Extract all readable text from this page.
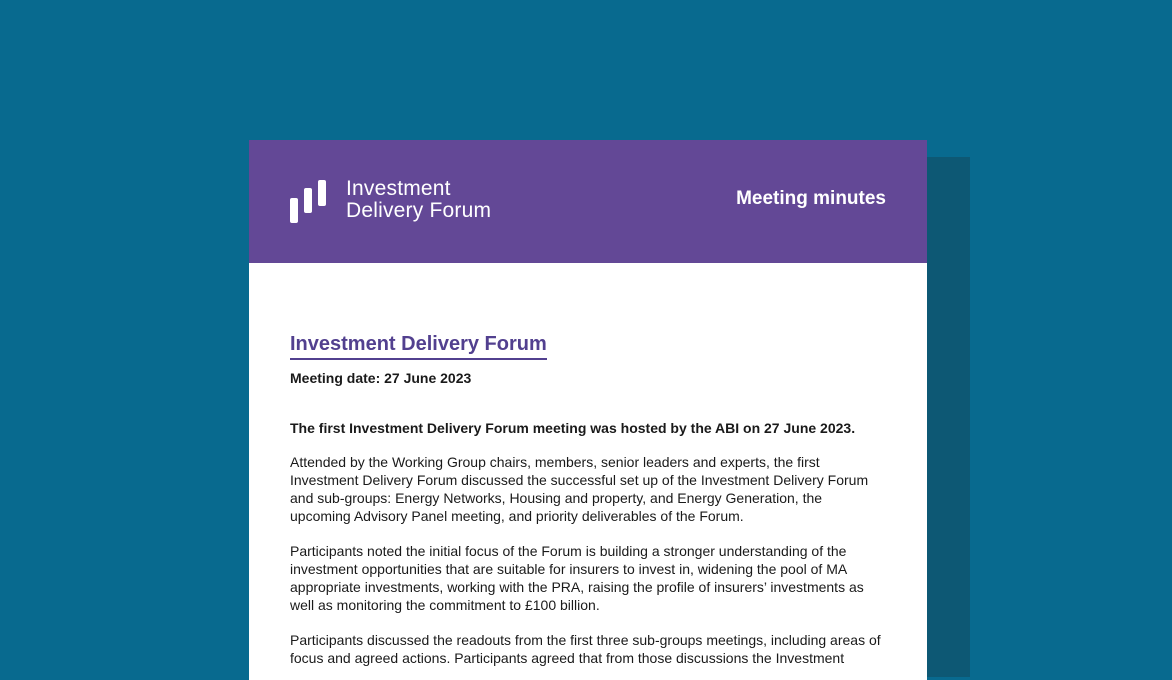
Investment
Delivery Forum
Meeting minutes
Investment Delivery Forum
Meeting date: 27 June 2023
The first Investment Delivery Forum meeting was hosted by the ABI on 27 June 2023.
Attended by the Working Group chairs, members, senior leaders and experts, the first Investment Delivery Forum discussed the successful set up of the Investment Delivery Forum and sub-groups: Energy Networks, Housing and property, and Energy Generation, the upcoming Advisory Panel meeting, and priority deliverables of the Forum.
Participants noted the initial focus of the Forum is building a stronger understanding of the investment opportunities that are suitable for insurers to invest in, widening the pool of MA appropriate investments, working with the PRA, raising the profile of insurers’ investments as well as monitoring the commitment to £100 billion.
Participants discussed the readouts from the first three sub-groups meetings, including areas of focus and agreed actions. Participants agreed that from those discussions the Investment
